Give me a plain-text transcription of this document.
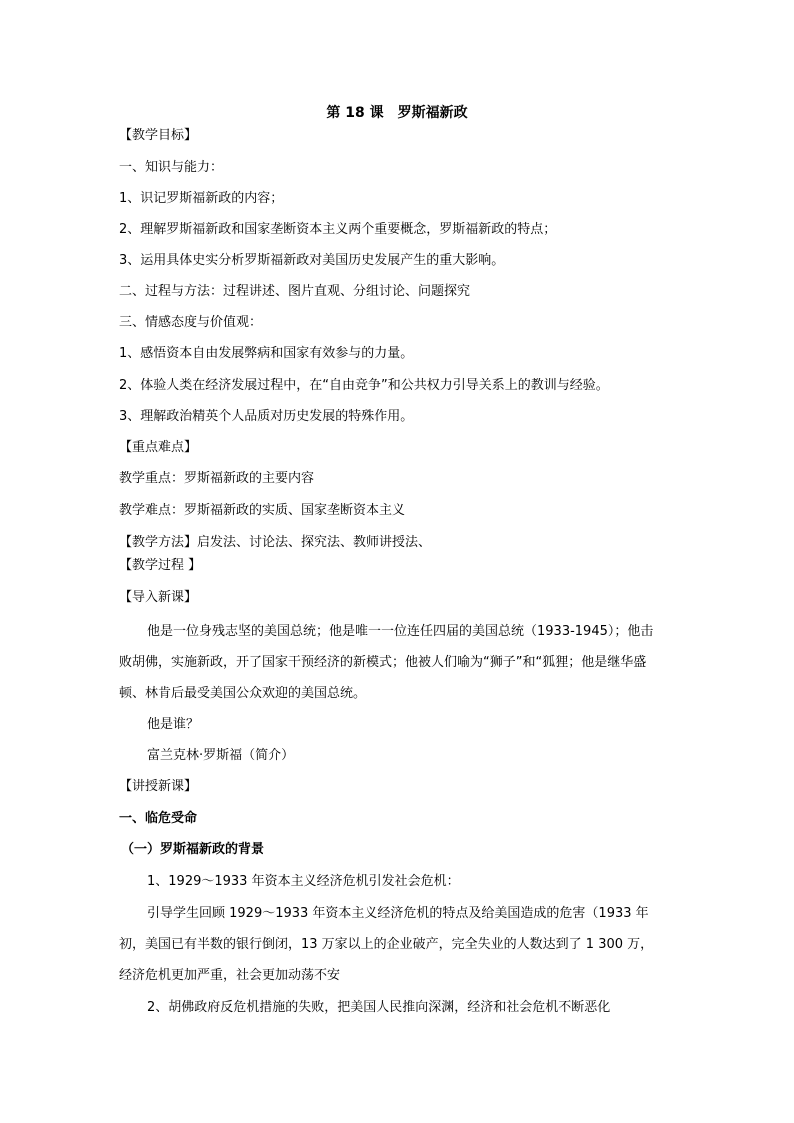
第 18 课　罗斯福新政
【教学目标】
一、知识与能力：
1、识记罗斯福新政的内容；
2、理解罗斯福新政和国家垄断资本主义两个重要概念，罗斯福新政的特点；
3、运用具体史实分析罗斯福新政对美国历史发展产生的重大影响。
二、过程与方法：过程讲述、图片直观、分组讨论、问题探究
三、情感态度与价值观：
1、感悟资本自由发展弊病和国家有效参与的力量。
2、体验人类在经济发展过程中，在“自由竞争”和公共权力引导关系上的教训与经验。
3、理解政治精英个人品质对历史发展的特殊作用。
【重点难点】
教学重点：罗斯福新政的主要内容
教学难点：罗斯福新政的实质、国家垄断资本主义
【教学方法】启发法、讨论法、探究法、教师讲授法、
【教学过程 】
【导入新课】
他是一位身残志坚的美国总统；他是唯一一位连任四届的美国总统（1933-1945）；他击败胡佛，实施新政，开了国家干预经济的新模式；他被人们喻为“狮子”和“狐狸；他是继华盛顿、林肯后最受美国公众欢迎的美国总统。
他是谁？
富兰克林·罗斯福（简介）
【讲授新课】
一、临危受命
（一）罗斯福新政的背景
1、1929～1933 年资本主义经济危机引发社会危机：
引导学生回顾 1929～1933 年资本主义经济危机的特点及给美国造成的危害（1933 年初，美国已有半数的银行倒闭，13 万家以上的企业破产，完全失业的人数达到了 1 300 万，经济危机更加严重，社会更加动荡不安
2、胡佛政府反危机措施的失败，把美国人民推向深渊，经济和社会危机不断恶化
